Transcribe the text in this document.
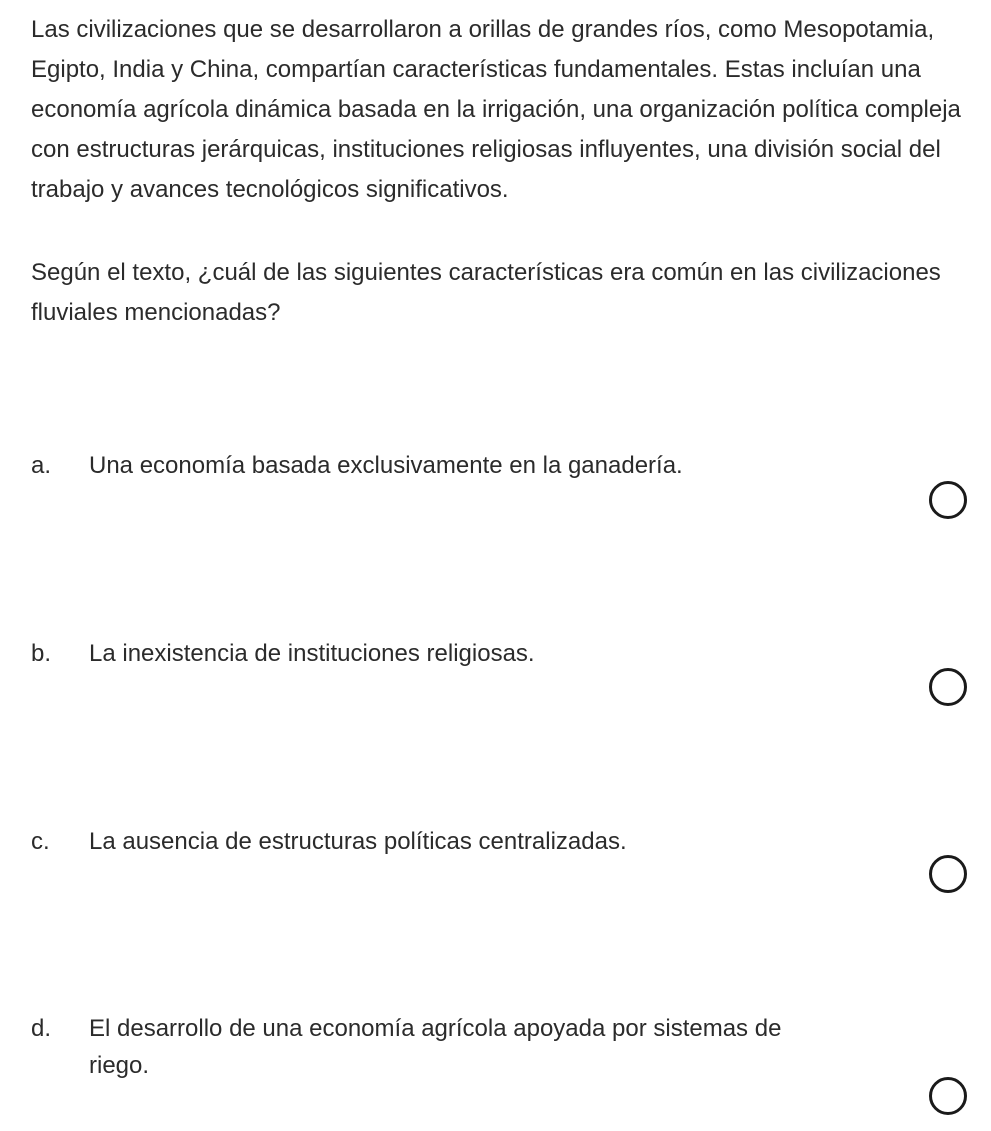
Las civilizaciones que se desarrollaron a orillas de grandes ríos, como Mesopotamia, Egipto, India y China, compartían características fundamentales. Estas incluían una economía agrícola dinámica basada en la irrigación, una organización política compleja con estructuras jerárquicas, instituciones religiosas influyentes, una división social del trabajo y avances tecnológicos significativos.

Según el texto, ¿cuál de las siguientes características era común en las civilizaciones fluviales mencionadas?

a. Una economía basada exclusivamente en la ganadería.
b. La inexistencia de instituciones religiosas.
c. La ausencia de estructuras políticas centralizadas.
d. El desarrollo de una economía agrícola apoyada por sistemas de
riego.
